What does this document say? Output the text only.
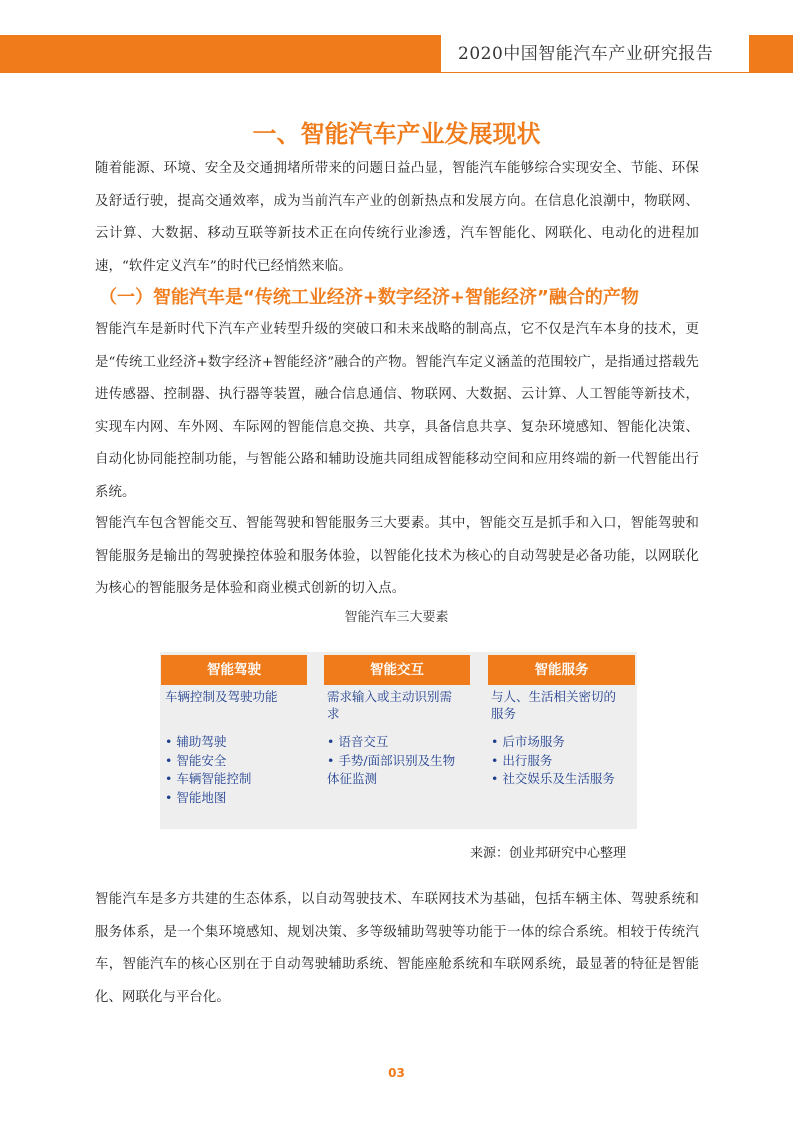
2020中国智能汽车产业研究报告
一、智能汽车产业发展现状

随着能源、环境、安全及交通拥堵所带来的问题日益凸显，智能汽车能够综合实现安全、节能、环保及舒适行驶，提高交通效率，成为当前汽车产业的创新热点和发展方向。在信息化浪潮中，物联网、云计算、大数据、移动互联等新技术正在向传统行业渗透，汽车智能化、网联化、电动化的进程加速，“软件定义汽车”的时代已经悄然来临。

（一）智能汽车是“传统工业经济+数字经济+智能经济”融合的产物

智能汽车是新时代下汽车产业转型升级的突破口和未来战略的制高点，它不仅是汽车本身的技术，更是“传统工业经济+数字经济+智能经济”融合的产物。智能汽车定义涵盖的范围较广，是指通过搭载先进传感器、控制器、执行器等装置，融合信息通信、物联网、大数据、云计算、人工智能等新技术，实现车内网、车外网、车际网的智能信息交换、共享，具备信息共享、复杂环境感知、智能化决策、自动化协同能控制功能，与智能公路和辅助设施共同组成智能移动空间和应用终端的新一代智能出行系统。

智能汽车包含智能交互、智能驾驶和智能服务三大要素。其中，智能交互是抓手和入口，智能驾驶和智能服务是输出的驾驶操控体验和服务体验，以智能化技术为核心的自动驾驶是必备功能，以网联化为核心的智能服务是体验和商业模式创新的切入点。

智能汽车三大要素
智能驾驶
车辆控制及驾驶功能
• 辅助驾驶
• 智能安全
• 车辆智能控制
• 智能地图
智能交互
需求输入或主动识别需求
• 语音交互
• 手势/面部识别及生物体征监测
智能服务
与人、生活相关密切的服务
• 后市场服务
• 出行服务
• 社交娱乐及生活服务
来源：创业邦研究中心整理

智能汽车是多方共建的生态体系，以自动驾驶技术、车联网技术为基础，包括车辆主体、驾驶系统和服务体系，是一个集环境感知、规划决策、多等级辅助驾驶等功能于一体的综合系统。相较于传统汽车，智能汽车的核心区别在于自动驾驶辅助系统、智能座舱系统和车联网系统，最显著的特征是智能化、网联化与平台化。

03
